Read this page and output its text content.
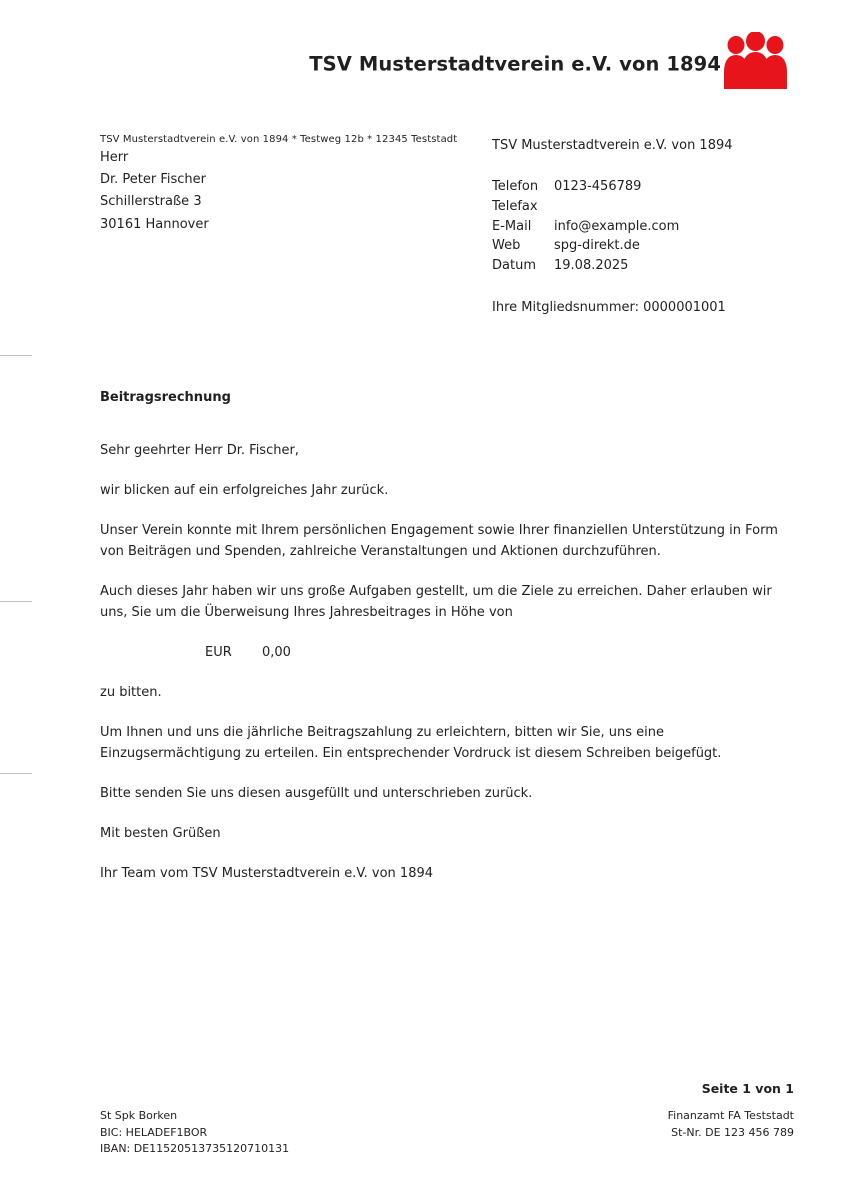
TSV Musterstadtverein e.V. von 1894
TSV Musterstadtverein e.V. von 1894 * Testweg 12b * 12345 Teststadt
Herr
Dr. Peter Fischer
Schillerstraße 3
30161 Hannover
TSV Musterstadtverein e.V. von 1894
Telefon	0123-456789
Telefax	
E-Mail	info@example.com
Web	spg-direkt.de
Datum	19.08.2025
Ihre Mitgliedsnummer: 0000001001
Beitragsrechnung

Sehr geehrter Herr Dr. Fischer,

wir blicken auf ein erfolgreiches Jahr zurück.

Unser Verein konnte mit Ihrem persönlichen Engagement sowie Ihrer finanziellen Unterstützung in Form von Beiträgen und Spenden, zahlreiche Veranstaltungen und Aktionen durchzuführen.

Auch dieses Jahr haben wir uns große Aufgaben gestellt, um die Ziele zu erreichen. Daher erlauben wir uns, Sie um die Überweisung Ihres Jahresbeitrages in Höhe von

EUR 0,00

zu bitten.

Um Ihnen und uns die jährliche Beitragszahlung zu erleichtern, bitten wir Sie, uns eine Einzugsermächtigung zu erteilen. Ein entsprechender Vordruck ist diesem Schreiben beigefügt.

Bitte senden Sie uns diesen ausgefüllt und unterschrieben zurück.

Mit besten Grüßen

Ihr Team vom TSV Musterstadtverein e.V. von 1894

Seite 1 von 1
St Spk Borken
BIC: HELADEF1BOR
IBAN: DE11520513735120710131
Finanzamt FA Teststadt
St-Nr. DE 123 456 789
